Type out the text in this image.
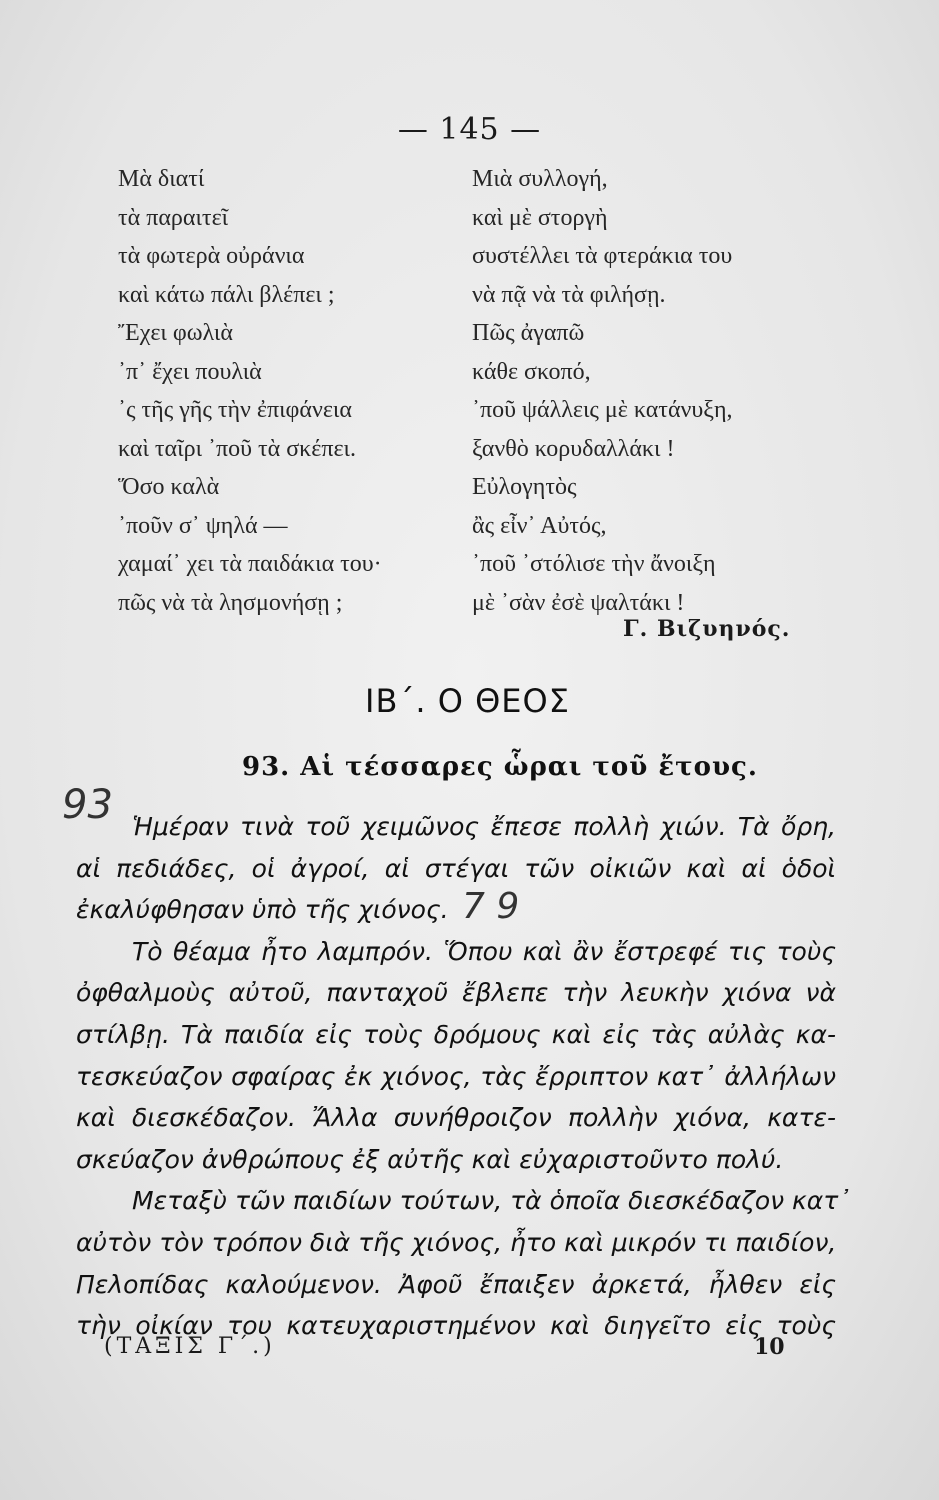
— 145 —
Μὰ διατί
τὰ παραιτεῖ
τὰ φωτερὰ οὐράνια
καὶ κάτω πάλι βλέπει ;
Ἔχει φωλιὰ
᾿π᾿ ἔχει πουλιὰ
᾿ς τῆς γῆς τὴν ἐπιφάνεια
καὶ ταῖρι ᾿ποῦ τὰ σκέπει.
Ὅσο καλὰ
᾿ποῦν σ᾿ ψηλά —
χαμαί᾿ χει τὰ παιδάκια του·
πῶς νὰ τὰ λησμονήσῃ ;
Μιὰ συλλογή,
καὶ μὲ στοργὴ
συστέλλει τὰ φτεράκια του
νὰ πᾷ νὰ τὰ φιλήσῃ.
Πῶς ἀγαπῶ
κάθε σκοπό,
᾿ποῦ ψάλλεις μὲ κατάνυξη,
ξανθὸ κορυδαλλάκι !
Εὐλογητὸς
ἂς εἶν᾿ Αὐτός,
᾿ποῦ ᾿στόλισε τὴν ἄνοιξη
μὲ ᾿σὰν ἐσὲ ψαλτάκι !
Γ. Βιζυηνός.
ΙΒ΄. Ο ΘΕΟΣ
93. Αἱ τέσσαρες ὧραι τοῦ ἔτους.
93
7 9
Ἡμέραν τινὰ τοῦ χειμῶνος ἔπεσε πολλὴ χιών. Τὰ ὄρη,
αἱ πεδιάδες, οἱ ἀγροί, αἱ στέγαι τῶν οἰκιῶν καὶ αἱ ὁδοὶ
ἐκαλύφθησαν ὑπὸ τῆς χιόνος.
Τὸ θέαμα ἦτο λαμπρόν. Ὅπου καὶ ἂν ἔστρεφέ τις τοὺς
ὀφθαλμοὺς αὐτοῦ, πανταχοῦ ἔβλεπε τὴν λευκὴν χιόνα νὰ
στίλβῃ. Τὰ παιδία εἰς τοὺς δρόμους καὶ εἰς τὰς αὐλὰς κα-
τεσκεύαζον σφαίρας ἐκ χιόνος, τὰς ἔρριπτον κατ᾿ ἀλλήλων
καὶ διεσκέδαζον. Ἄλλα συνήθροιζον πολλὴν χιόνα, κατε-
σκεύαζον ἀνθρώπους ἐξ αὐτῆς καὶ εὐχαριστοῦντο πολύ.
Μεταξὺ τῶν παιδίων τούτων, τὰ ὁποῖα διεσκέδαζον κατ᾿
αὐτὸν τὸν τρόπον διὰ τῆς χιόνος, ἦτο καὶ μικρόν τι παιδίον,
Πελοπίδας καλούμενον. Ἀφοῦ ἔπαιξεν ἀρκετά, ἦλθεν εἰς
τὴν οἰκίαν του κατευχαριστημένον καὶ διηγεῖτο εἰς τοὺς
(ΤΑΞΙΣ Γ΄.)	10
